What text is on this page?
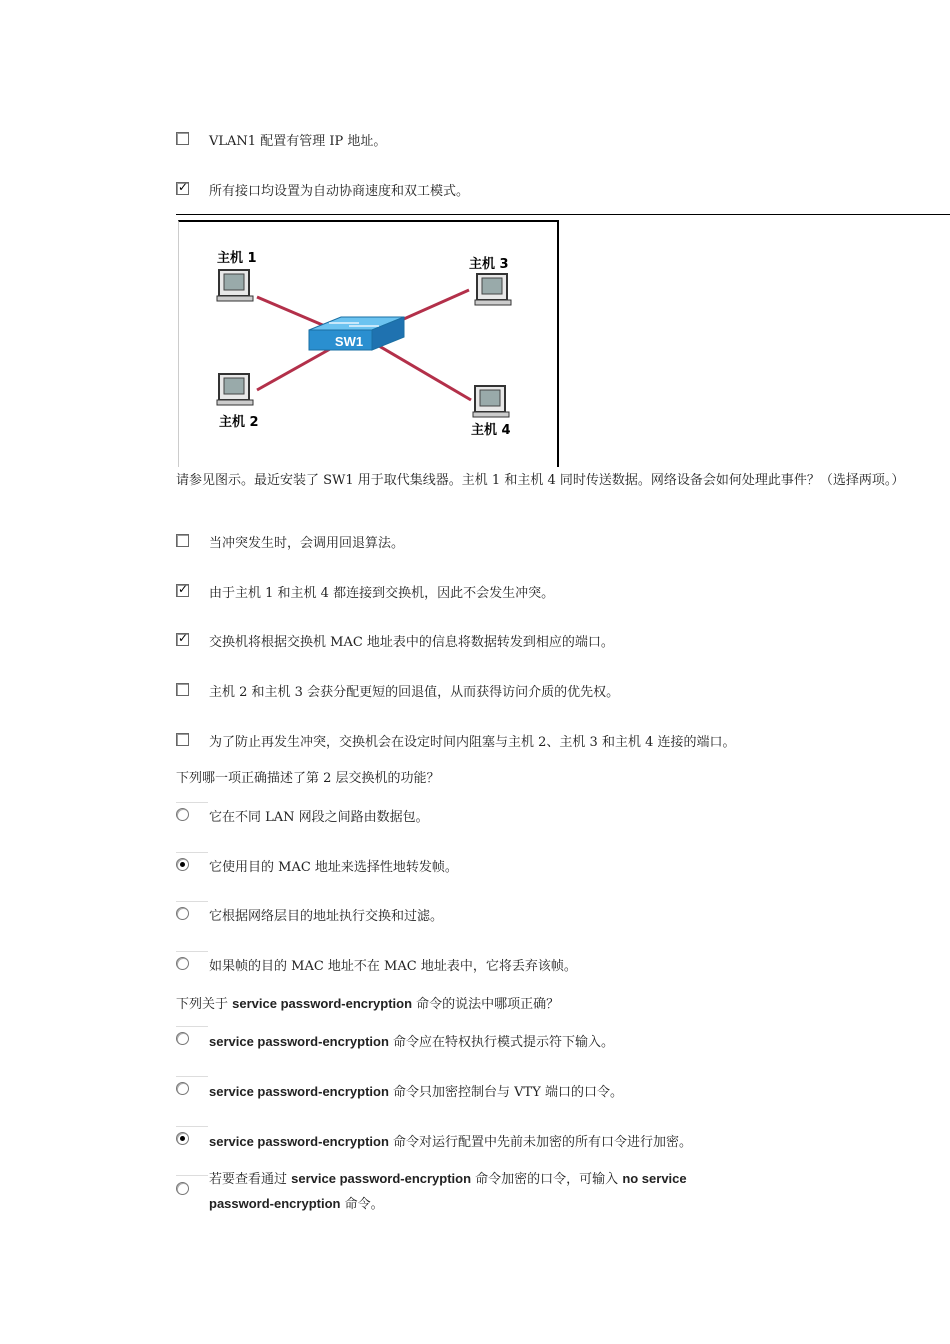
VLAN1 配置有管理 IP 地址。
✓ 所有接口均设置为自动协商速度和双工模式。
SW1
主机 1	主机 3
主机 2
主机 4
请参见图示。最近安装了 SW1 用于取代集线器。主机 1 和主机 4 同时传送数据。网络设备会如何处理此事件？（选择两项。）
当冲突发生时，会调用回退算法。
✓ 由于主机 1 和主机 4 都连接到交换机，因此不会发生冲突。
✓ 交换机将根据交换机 MAC 地址表中的信息将数据转发到相应的端口。
主机 2 和主机 3 会获分配更短的回退值，从而获得访问介质的优先权。
为了防止再发生冲突，交换机会在设定时间内阻塞与主机 2、主机 3 和主机 4 连接的端口。
下列哪一项正确描述了第 2 层交换机的功能？
它在不同 LAN 网段之间路由数据包。
它使用目的 MAC 地址来选择性地转发帧。
它根据网络层目的地址执行交换和过滤。
如果帧的目的 MAC 地址不在 MAC 地址表中，它将丢弃该帧。
下列关于 service password-encryption 命令的说法中哪项正确？
service password-encryption 命令应在特权执行模式提示符下输入。
service password-encryption 命令只加密控制台与 VTY 端口的口令。
service password-encryption 命令对运行配置中先前未加密的所有口令进行加密。
若要查看通过 service password-encryption 命令加密的口令，可输入 no service
password-encryption 命令。
